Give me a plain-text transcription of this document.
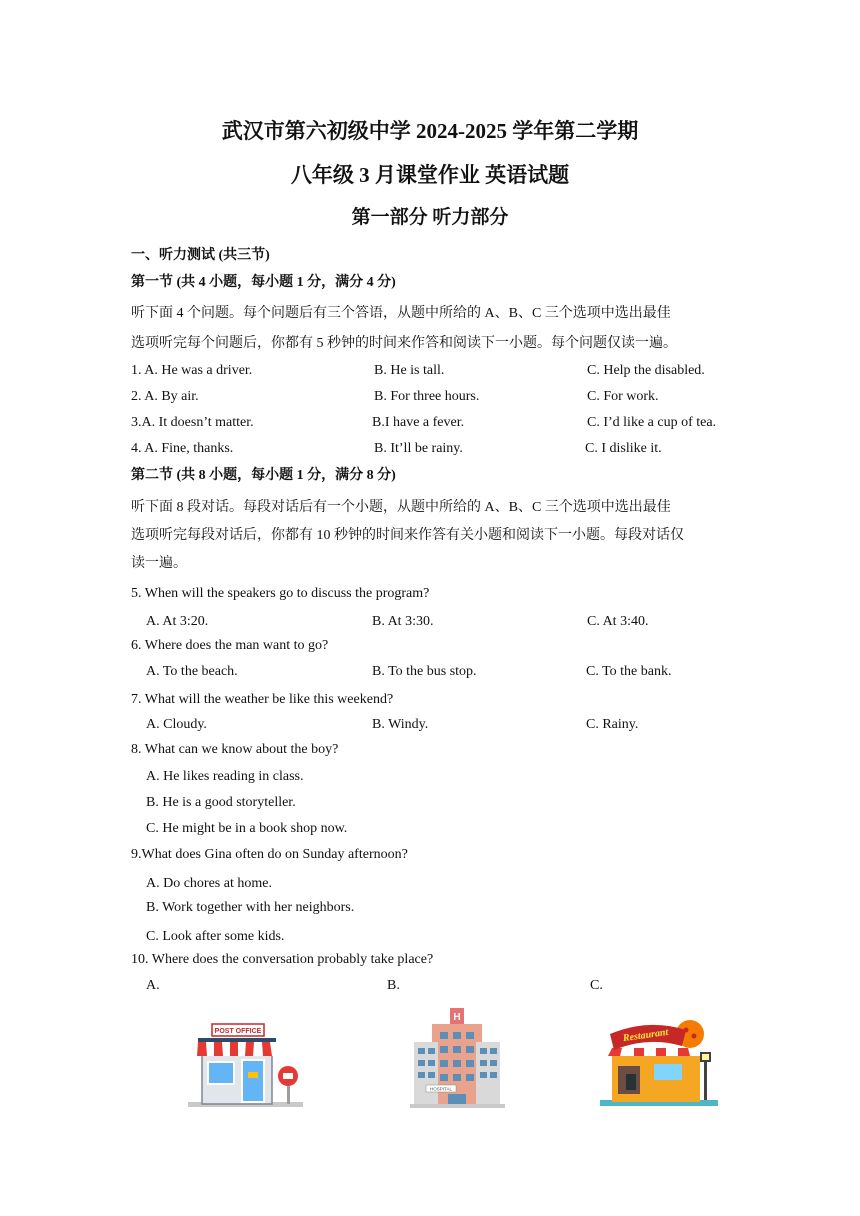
武汉市第六初级中学 2024-2025 学年第二学期
八年级 3 月课堂作业 英语试题
第一部分 听力部分
一、听力测试 (共三节)
第一节 (共 4 小题，每小题 1 分，满分 4 分)
听下面 4 个问题。每个问题后有三个答语，从题中所给的 A、B、C 三个选项中选出最佳
选项听完每个问题后，你都有 5 秒钟的时间来作答和阅读下一小题。每个问题仅读一遍。
1. A. He was a driver.	B. He is tall.	C. Help the disabled.
2. A. By air.	B. For three hours.	C. For work.
3.A. It doesn’t matter.	B.I have a fever.	C. I’d like a cup of tea.
4. A. Fine, thanks.	B. It’ll be rainy.	C. I dislike it.
第二节 (共 8 小题，每小题 1 分，满分 8 分)
听下面 8 段对话。每段对话后有一个小题，从题中所给的 A、B、C 三个选项中选出最佳
选项听完每段对话后，你都有 10 秒钟的时间来作答有关小题和阅读下一小题。每段对话仅
读一遍。
5. When will the speakers go to discuss the program?
A. At 3:20.	B. At 3:30.	C. At 3:40.
6. Where does the man want to go?
A. To the beach.	B. To the bus stop.	C. To the bank.
7. What will the weather be like this weekend?
A. Cloudy.	B. Windy.	C. Rainy.
8. What can we know about the boy?
A. He likes reading in class.
B. He is a good storyteller.
C. He might be in a book shop now.
9.What does Gina often do on Sunday afternoon?
A. Do chores at home.
B. Work together with her neighbors.
C. Look after some kids.
10. Where does the conversation probably take place?
A.	B.	C.
POST OFFICE
H
HOSPITAL
Restaurant
